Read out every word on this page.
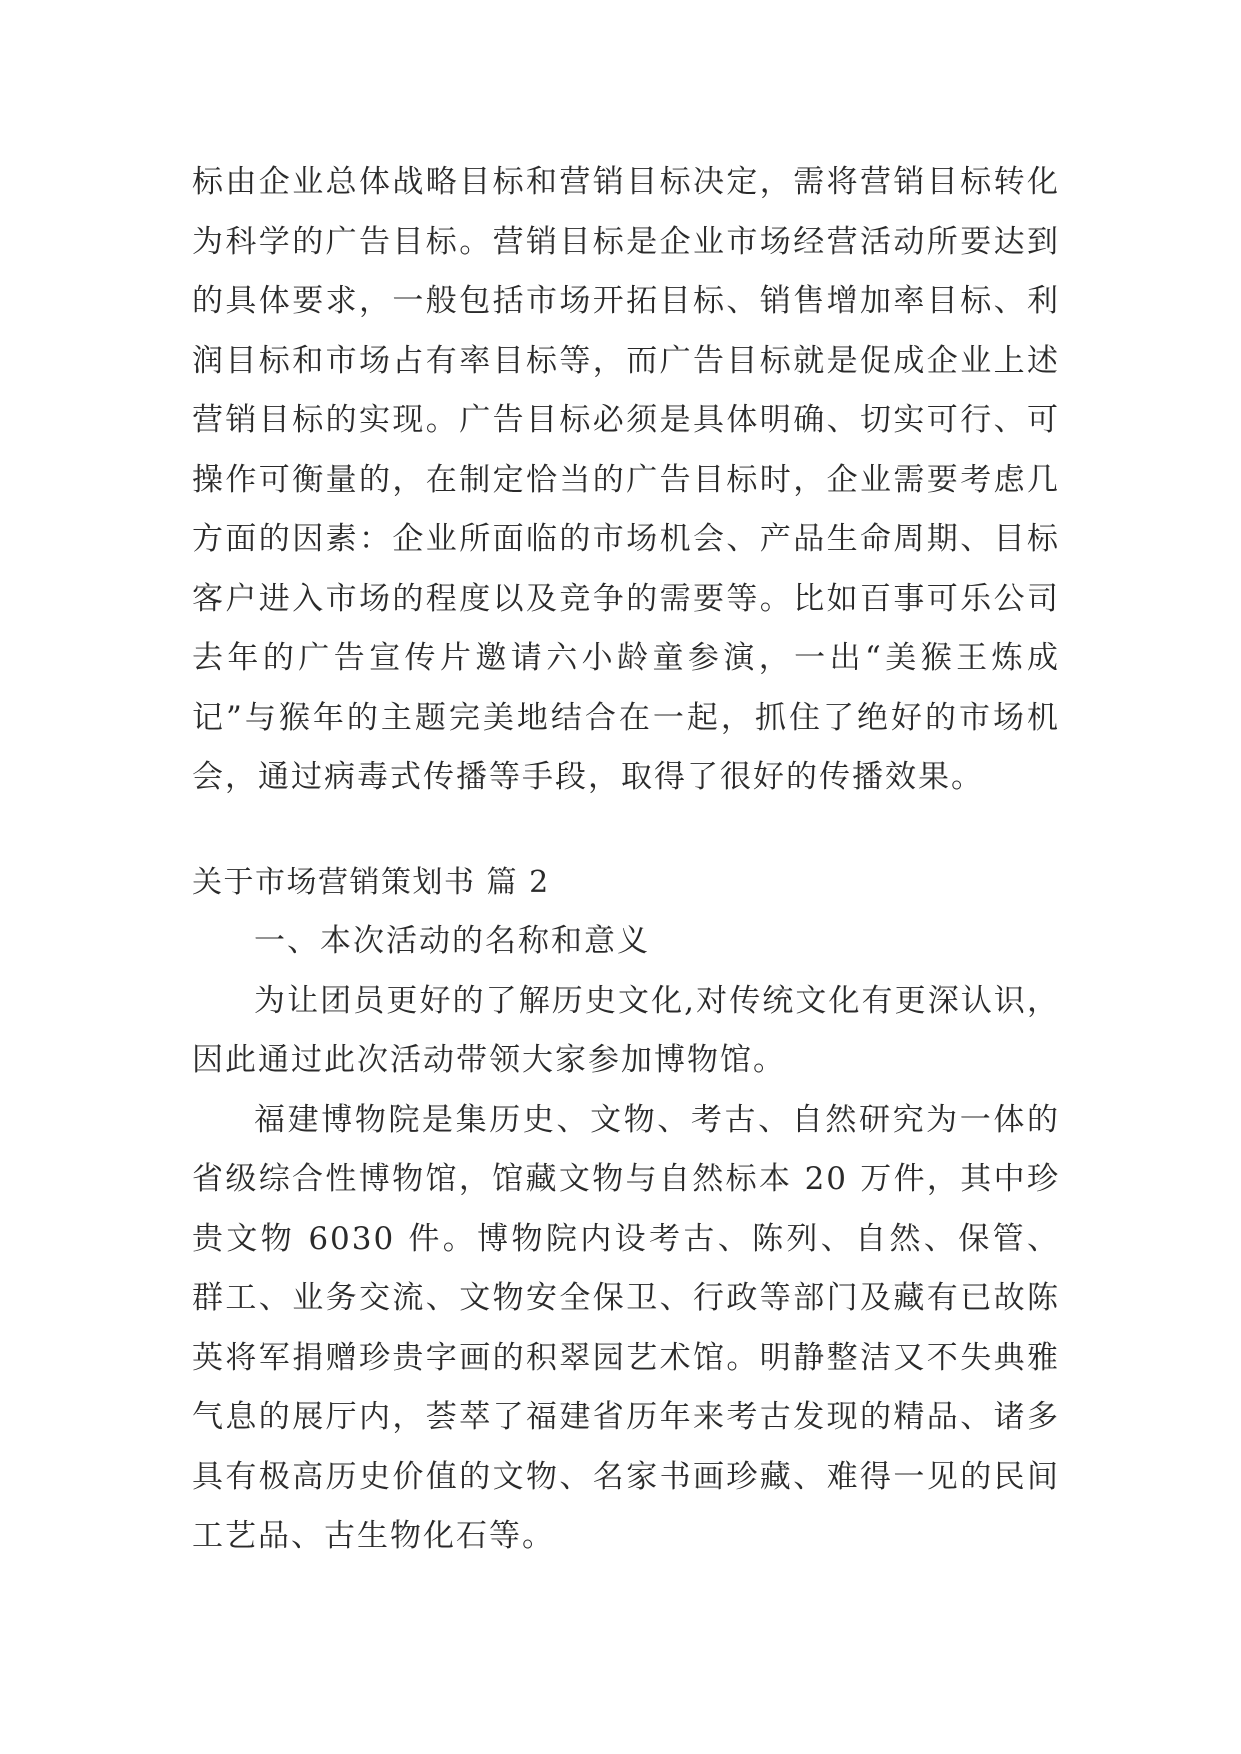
标由企业总体战略目标和营销目标决定，需将营销目标转化为科学的广告目标。营销目标是企业市场经营活动所要达到的具体要求，一般包括市场开拓目标、销售增加率目标、利润目标和市场占有率目标等，而广告目标就是促成企业上述营销目标的实现。广告目标必须是具体明确、切实可行、可操作可衡量的，在制定恰当的广告目标时，企业需要考虑几方面的因素：企业所面临的市场机会、产品生命周期、目标客户进入市场的程度以及竞争的需要等。比如百事可乐公司去年的广告宣传片邀请六小龄童参演，一出“美猴王炼成记”与猴年的主题完美地结合在一起，抓住了绝好的市场机会，通过病毒式传播等手段，取得了很好的传播效果。

关于市场营销策划书 篇 2

一、本次活动的名称和意义

为让团员更好的了解历史文化,对传统文化有更深认识，因此通过此次活动带领大家参加博物馆。

福建博物院是集历史、文物、考古、自然研究为一体的省级综合性博物馆，馆藏文物与自然标本 20 万件，其中珍贵文物 6030 件。博物院内设考古、陈列、自然、保管、群工、业务交流、文物安全保卫、行政等部门及藏有已故陈英将军捐赠珍贵字画的积翠园艺术馆。明静整洁又不失典雅气息的展厅内，荟萃了福建省历年来考古发现的精品、诸多具有极高历史价值的文物、名家书画珍藏、难得一见的民间工艺品、古生物化石等。
